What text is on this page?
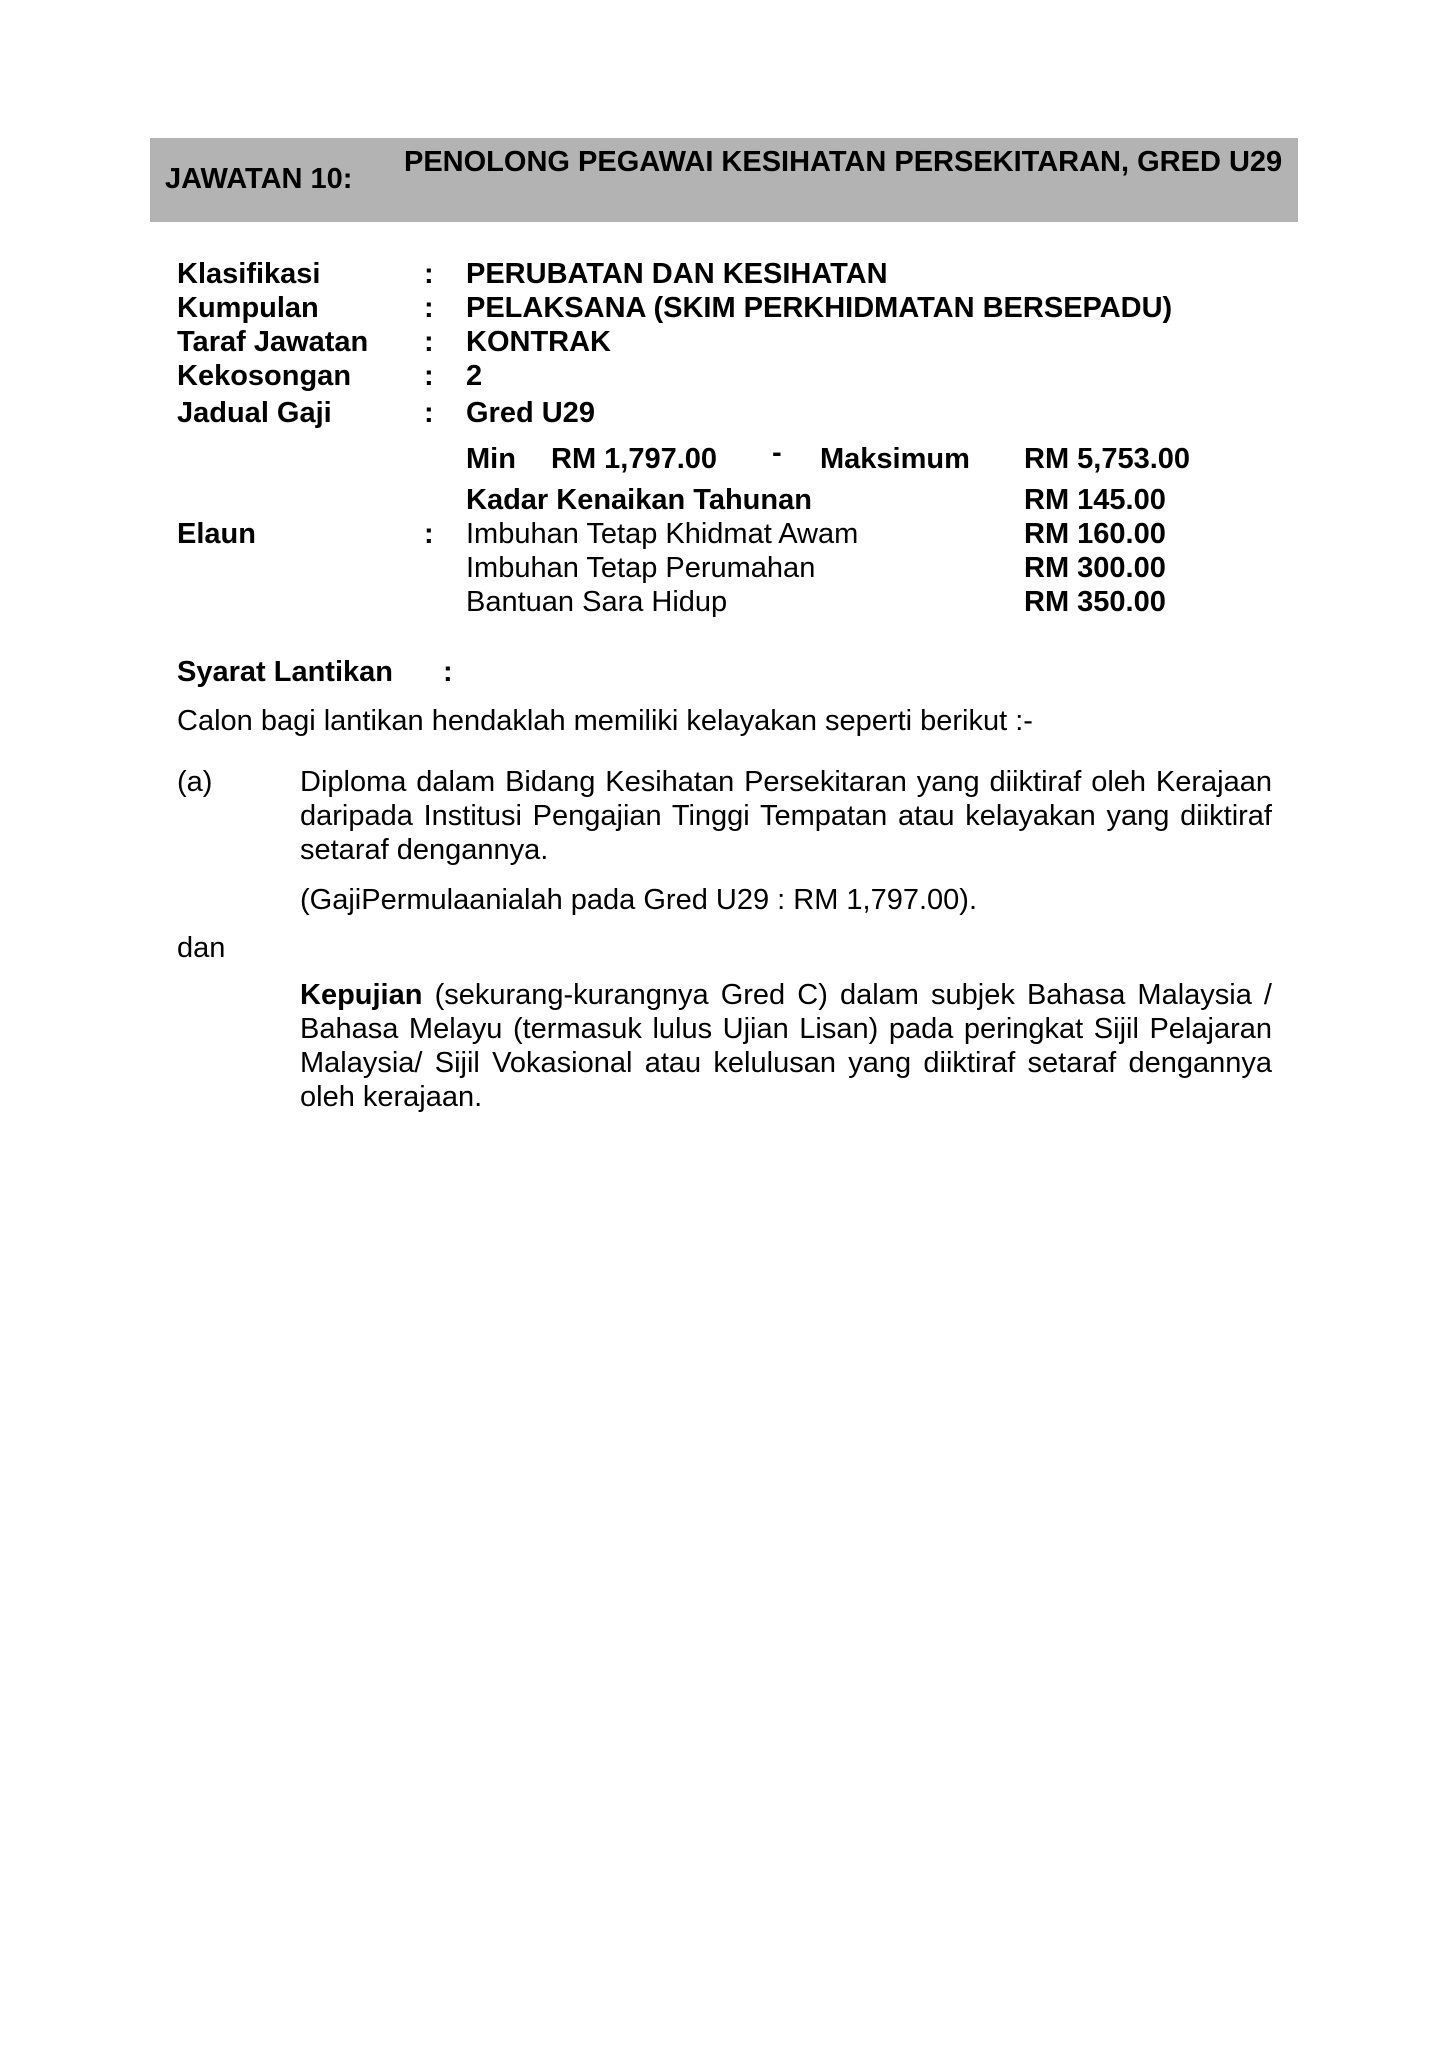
JAWATAN 10:
PENOLONG PEGAWAI KESIHATAN PERSEKITARAN, GRED U29
Klasifikasi	: PERUBATAN DAN KESIHATAN
Kumpulan	: PELAKSANA (SKIM PERKHIDMATAN BERSEPADU)
Taraf Jawatan : KONTRAK
Kekosongan	: 2
Jadual Gaji	: Gred U29
Min RM 1,797.00 - Maksimum RM 5,753.00
Kadar Kenaikan Tahunan	RM 145.00
Elaun	: Imbuhan Tetap Khidmat Awam	RM 160.00
Imbuhan Tetap Perumahan	RM 300.00
Bantuan Sara Hidup	RM 350.00
Syarat Lantikan :
Calon bagi lantikan hendaklah memiliki kelayakan seperti berikut :-
(a)	Diploma dalam Bidang Kesihatan Persekitaran yang diiktiraf oleh Kerajaan daripada Institusi Pengajian Tinggi Tempatan atau kelayakan yang diiktiraf setaraf dengannya.
(GajiPermulaanialah pada Gred U29 : RM 1,797.00).
dan
Kepujian (sekurang-kurangnya Gred C) dalam subjek Bahasa Malaysia / Bahasa Melayu (termasuk lulus Ujian Lisan) pada peringkat Sijil Pelajaran Malaysia/ Sijil Vokasional atau kelulusan yang diiktiraf setaraf dengannya oleh kerajaan.
